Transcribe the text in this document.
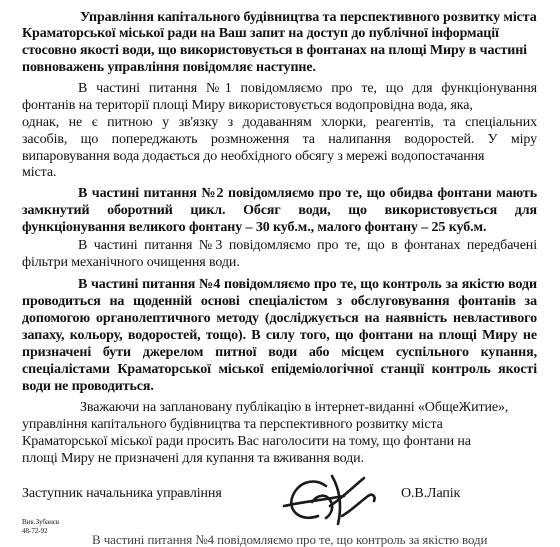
Управління капітального будівництва та перспективного розвитку міста
Краматорської міської ради на Ваш запит на доступ до публічної інформації
стосовно якості води, що використовується в фонтанах на площі Миру в частині
повноважень управління повідомляє наступне.
В частині питання №1 повідомляємо про те, що для функціонування
фонтанів на території площі Миру використовується водопровідна вода, яка,
однак, не є питною у зв'язку з додаванням хлорки, реагентів, та спеціальних
засобів, що попереджають розмноження та налипання водоростей. У міру
випаровування вода додається до необхідного обсягу з мережі водопостачання
міста.
В частині питання №2 повідомляємо про те, що обидва фонтани мають
замкнутий оборотний цикл. Обсяг води, що використовується для
функціонування великого фонтану – 30 куб.м., малого фонтану – 25 куб.м.
В частині питання №3 повідомляємо про те, що в фонтанах передбачені
фільтри механічного очищення води.
В частині питання №4 повідомляємо про те, що контроль за якістю води
проводиться на щоденній основі спеціалістом з обслуговування фонтанів за
допомогою органолептичного методу (досліджується на наявність невластивого
запаху, кольору, водоростей, тощо). В силу того, що фонтани на площі Миру не
призначені бути джерелом питної води або місцем суспільного купання,
спеціалістами Краматорської міської епідеміологічної станції контроль якості
води не проводиться.
Зважаючи на заплановану публікацію в інтернет-виданні «ОбщеЖитие»,
управління капітального будівництва та перспективного розвитку міста
Краматорської міської ради просить Вас наголосити на тому, що фонтани на
площі Миру не призначені для купання та вживання води.
Заступник начальника управління	О.В.Лапік
Вик.Зубанєв
48-72-92
В частині питання №4 повідомляємо про те, що контроль за якістю води
